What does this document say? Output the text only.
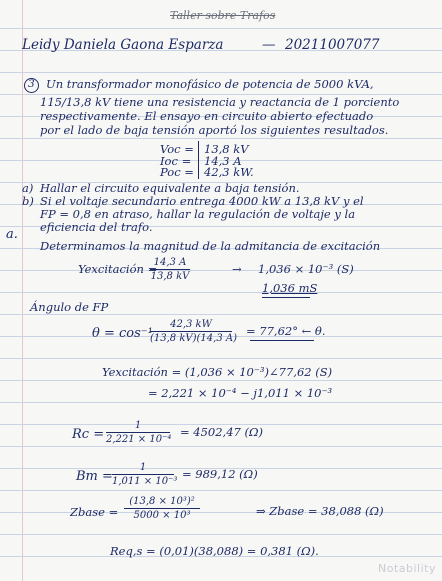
Taller sobre Trafos
Leidy Daniela Gaona Esparza	— 20211007077
3 Un transformador monofásico de potencia de 5000 kVA,
115/13,8 kV tiene una resistencia y reactancia de 1 porciento
respectivamente. El ensayo en circuito abierto efectuado
por el lado de baja tensión aportó los siguientes resultados.
Voc = 13,8 kV
Ioc = 14,3 A
Poc = 42,3 kW.
a) Hallar el circuito equivalente a baja tensión.
b) Si el voltaje secundario entrega 4000 kW a 13,8 kV y el
FP = 0,8 en atraso, hallar la regulación de voltaje y la
eficiencia del trafo.
a.
Determinamos la magnitud de la admitancia de excitación
Yexcitación =
$\frac{14,3 A}{13,8 kV}$	→ 1,036 × 10⁻³ (S)
1,036 mS
Ángulo de FP
θ = cos⁻¹
$\frac{42,3 kW}{(13,8 kV)(14,3 A)} = 77,62^\circ$ ← θ.
Yexcitación = (1,036 × 10⁻³)∠77,62 (S)
= 2,221 × 10⁻⁴ − j1,011 × 10⁻³
$Rc = \frac{1}{\text{2,221 × 10⁻⁴}} = 4502,47$ (Ω)
$Bm = \frac{1}{\text{1,011 × 10⁻³}} = 989,12$ (Ω)
Zbase = $\frac{\text{(13,8 × 10³)²}}{\text{5000 × 10³}}$	⇒ Zbase = 38,088 (Ω)
Req,s = (0,01)(38,088) = 0,381 (Ω).
Notability
